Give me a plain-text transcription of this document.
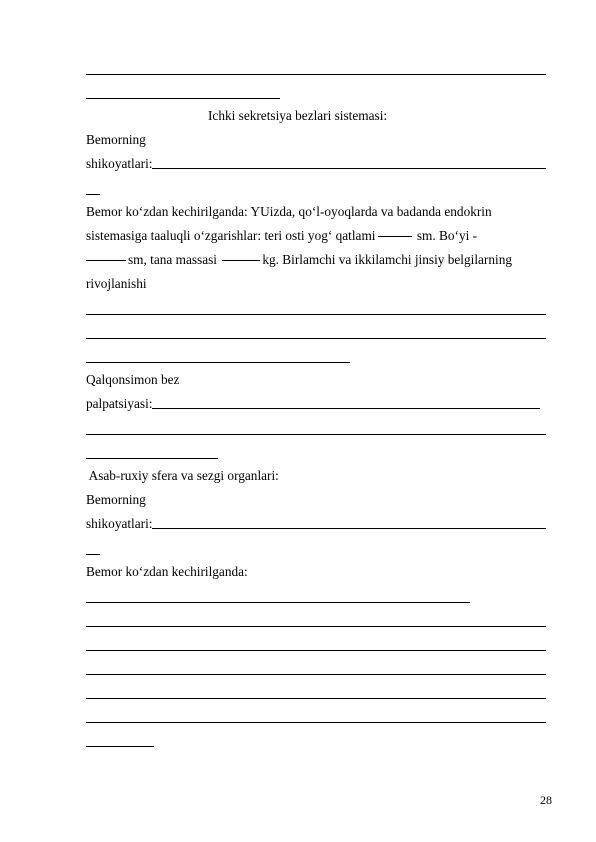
Ichki sekretsiya bezlari sistemasi:
Bemorning
shikoyatlari:
Bemor ko‘zdan kechirilganda: YUizda, qo‘l-oyoqlarda va badanda endokrin
sistemasiga taaluqli o‘zgarishlar: teri osti yog‘ qatlami	sm. Bo‘yi -
sm, tana massasi	kg. Birlamchi va ikkilamchi jinsiy belgilarning
rivojlanishi
Qalqonsimon bez
palpatsiyasi:
Asab-ruxiy sfera va sezgi organlari:
Bemorning
shikoyatlari:
Bemor ko‘zdan kechirilganda:
28
